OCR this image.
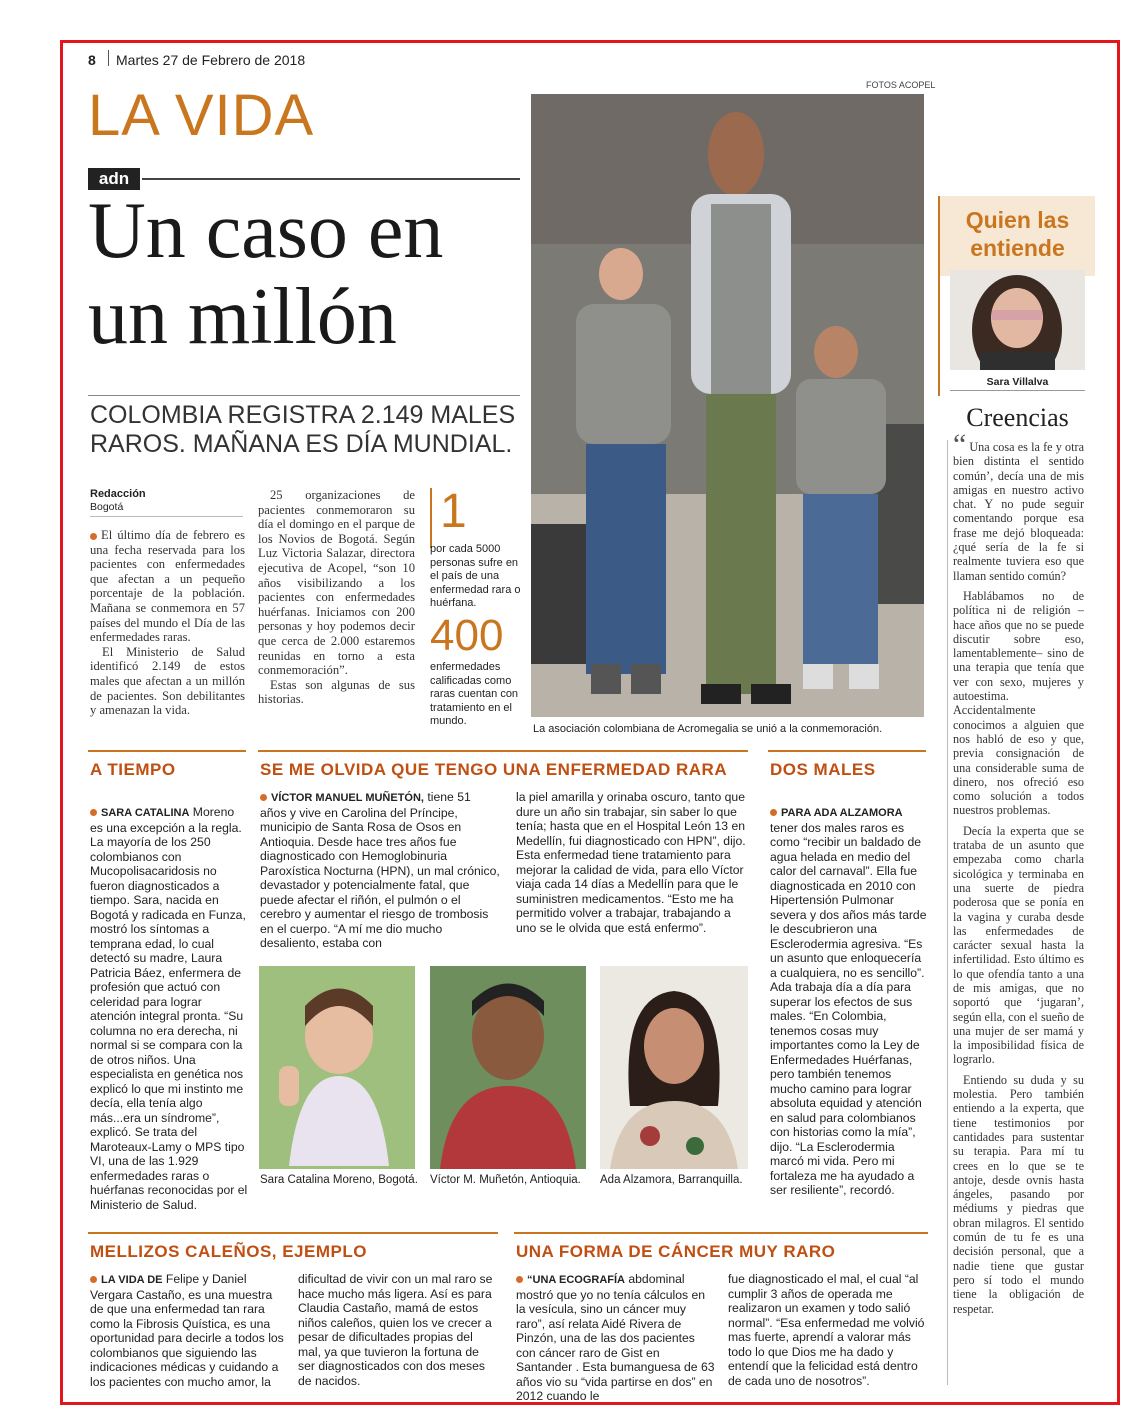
8 Martes 27 de Febrero de 2018
LA VIDA
adn
FOTOS ACOPEL
Un caso en
un millón
COLOMBIA REGISTRA 2.149 MALES
RAROS. MAÑANA ES DÍA MUNDIAL.
Redacción
Bogotá

El último día de febrero es una fecha reservada para los pacientes con enfermedades que afectan a un pequeño porcentaje de la población. Mañana se conmemora en 57 países del mundo el Día de las enfermedades raras.

El Ministerio de Salud identificó 2.149 de estos males que afectan a un millón de pacientes. Son debilitantes y amenazan la vida.

25 organizaciones de pacientes conmemoraron su día el domingo en el parque de los Novios de Bogotá. Según Luz Victoria Salazar, directora ejecutiva de Acopel, “son 10 años visibilizando a los pacientes con enfermedades huérfanas. Iniciamos con 200 personas y hoy podemos decir que cerca de 2.000 estaremos reunidas en torno a esta conmemoración”.

Estas son algunas de sus historias.

1
por cada 5000 personas sufre en el país de una enfermedad rara o huérfana.
400
enfermedades calificadas como raras cuentan con tratamiento en el mundo.
La asociación colombiana de Acromegalia se unió a la conmemoración.
Quien las
entiende
Sara Villalva
Creencias

“ Una cosa es la fe y otra bien distinta el sentido común’, decía una de mis amigas en nuestro activo chat. Y no pude seguir comentando porque esa frase me dejó bloqueada: ¿qué sería de la fe si realmente tuviera eso que llaman sentido común?

Hablábamos no de política ni de religión –hace años que no se puede discutir sobre eso, lamentablemente– sino de una terapia que tenía que ver con sexo, mujeres y autoestima. Accidentalmente conocimos a alguien que nos habló de eso y que, previa consignación de una considerable suma de dinero, nos ofreció eso como solución a todos nuestros problemas.

Decía la experta que se trataba de un asunto que empezaba como charla sicológica y terminaba en una suerte de piedra poderosa que se ponía en la vagina y curaba desde las enfermedades de carácter sexual hasta la infertilidad. Esto último es lo que ofendía tanto a una de mis amigas, que no soportó que ‘jugaran’, según ella, con el sueño de una mujer de ser mamá y la imposibilidad física de lograrlo.

Entiendo su duda y su molestia. Pero también entiendo a la experta, que tiene testimonios por cantidades para sustentar su terapia. Para mí tu crees en lo que se te antoje, desde ovnis hasta ángeles, pasando por médiums y piedras que obran milagros. El sentido común de tu fe es una decisión personal, que a nadie tiene que gustar pero sí todo el mundo tiene la obligación de respetar.

A TIEMPO
SARA CATALINA Moreno es una excepción a la regla. La mayoría de los 250 colombianos con Mucopolisacaridosis no fueron diagnosticados a tiempo. Sara, nacida en Bogotá y radicada en Funza, mostró los síntomas a temprana edad, lo cual detectó su madre, Laura Patricia Báez, enfermera de profesión que actuó con celeridad para lograr atención integral pronta. “Su columna no era derecha, ni normal si se compara con la de otros niños. Una especialista en genética nos explicó lo que mi instinto me decía, ella tenía algo más...era un síndrome”, explicó. Se trata del Maroteaux-Lamy o MPS tipo VI, una de las 1.929 enfermedades raras o huérfanas reconocidas por el Ministerio de Salud.
SE ME OLVIDA QUE TENGO UNA ENFERMEDAD RARA
VÍCTOR MANUEL MUÑETÓN, tiene 51 años y vive en Carolina del Príncipe, municipio de Santa Rosa de Osos en Antioquia. Desde hace tres años fue diagnosticado con Hemoglobinuria Paroxística Nocturna (HPN), un mal crónico, devastador y potencialmente fatal, que puede afectar el riñón, el pulmón o el cerebro y aumentar el riesgo de trombosis en el cuerpo. “A mí me dio mucho desaliento, estaba con
la piel amarilla y orinaba oscuro, tanto que dure un año sin trabajar, sin saber lo que tenía; hasta que en el Hospital León 13 en Medellín, fui diagnosticado con HPN”, dijo. Esta enfermedad tiene tratamiento para mejorar la calidad de vida, para ello Víctor viaja cada 14 días a Medellín para que le suministren medicamentos. “Esto me ha permitido volver a trabajar, trabajando a uno se le olvida que está enfermo”.
DOS MALES
PARA ADA ALZAMORA tener dos males raros es como “recibir un baldado de agua helada en medio del calor del carnaval”. Ella fue diagnosticada en 2010 con Hipertensión Pulmonar severa y dos años más tarde le descubrieron una Esclerodermia agresiva. “Es un asunto que enloquecería a cualquiera, no es sencillo”. Ada trabaja día a día para superar los efectos de sus males. “En Colombia, tenemos cosas muy importantes como la Ley de Enfermedades Huérfanas, pero también tenemos mucho camino para lograr absoluta equidad y atención en salud para colombianos con historias como la mía”, dijo. “La Esclerodermia marcó mi vida. Pero mi fortaleza me ha ayudado a ser resiliente”, recordó.
Sara Catalina Moreno, Bogotá. Víctor M. Muñetón, Antioquia. Ada Alzamora, Barranquilla.
MELLIZOS CALEÑOS, EJEMPLO
LA VIDA DE Felipe y Daniel Vergara Castaño, es una muestra de que una enfermedad tan rara como la Fibrosis Quística, es una oportunidad para decirle a todos los colombianos que siguiendo las indicaciones médicas y cuidando a los pacientes con mucho amor, la
dificultad de vivir con un mal raro se hace mucho más ligera. Así es para Claudia Castaño, mamá de estos niños caleños, quien los ve crecer a pesar de dificultades propias del mal, ya que tuvieron la fortuna de ser diagnosticados con dos meses de nacidos.
UNA FORMA DE CÁNCER MUY RARO
“UNA ECOGRAFÍA abdominal mostró que yo no tenía cálculos en la vesícula, sino un cáncer muy raro”, así relata Aidé Rivera de Pinzón, una de las dos pacientes con cáncer raro de Gist en Santander . Esta bumanguesa de 63 años vio su “vida partirse en dos” en 2012 cuando le
fue diagnosticado el mal, el cual “al cumplir 3 años de operada me realizaron un examen y todo salió normal”. “Esa enfermedad me volvió mas fuerte, aprendí a valorar más todo lo que Dios me ha dado y entendí que la felicidad está dentro de cada uno de nosotros”.
